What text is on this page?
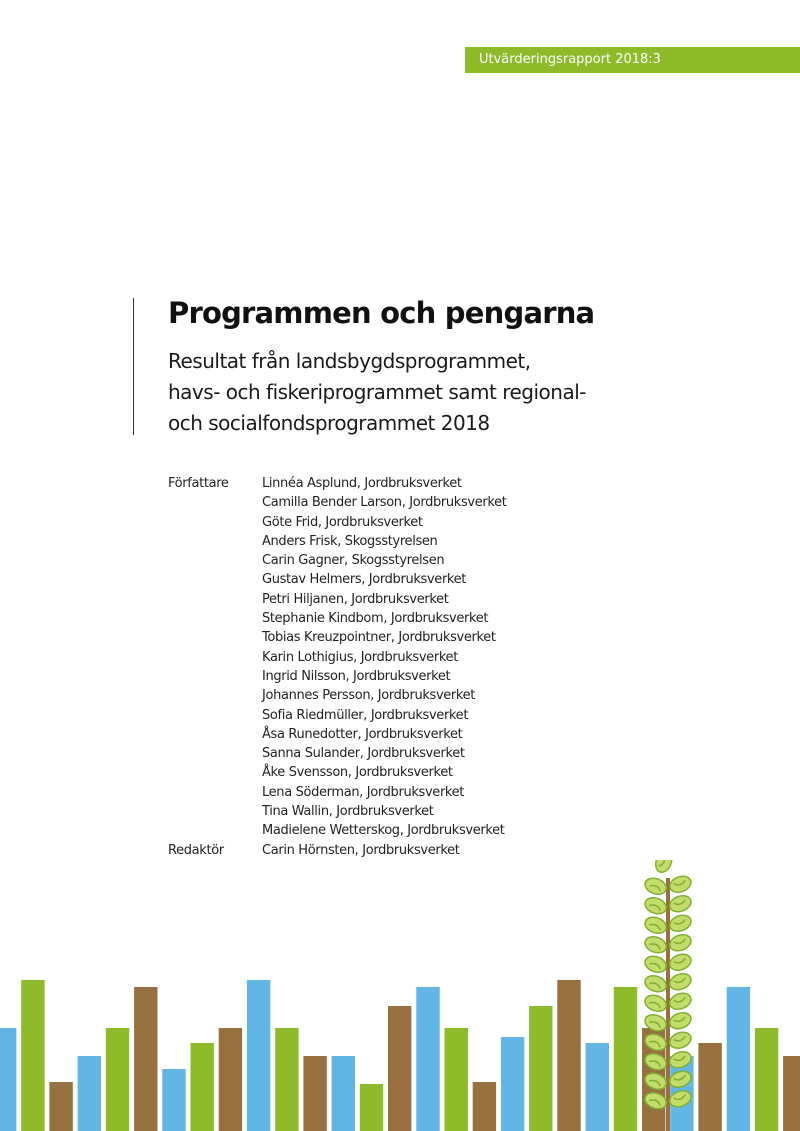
Utvärderingsrapport 2018:3
Programmen och pengarna

Resultat från landsbygdsprogrammet,
havs- och fiskeriprogrammet samt regional-
och socialfondsprogrammet 2018

Författare	Linnéa Asplund, Jordbruksverket
Camilla Bender Larson, Jordbruksverket
Göte Frid, Jordbruksverket
Anders Frisk, Skogsstyrelsen
Carin Gagner, Skogsstyrelsen
Gustav Helmers, Jordbruksverket
Petri Hiljanen, Jordbruksverket
Stephanie Kindbom, Jordbruksverket
Tobias Kreuzpointner, Jordbruksverket
Karin Lothigius, Jordbruksverket
Ingrid Nilsson, Jordbruksverket
Johannes Persson, Jordbruksverket
Sofia Riedmüller, Jordbruksverket
Åsa Runedotter, Jordbruksverket
Sanna Sulander, Jordbruksverket
Åke Svensson, Jordbruksverket
Lena Söderman, Jordbruksverket
Tina Wallin, Jordbruksverket
Madielene Wetterskog, Jordbruksverket
Redaktör	Carin Hörnsten, Jordbruksverket
